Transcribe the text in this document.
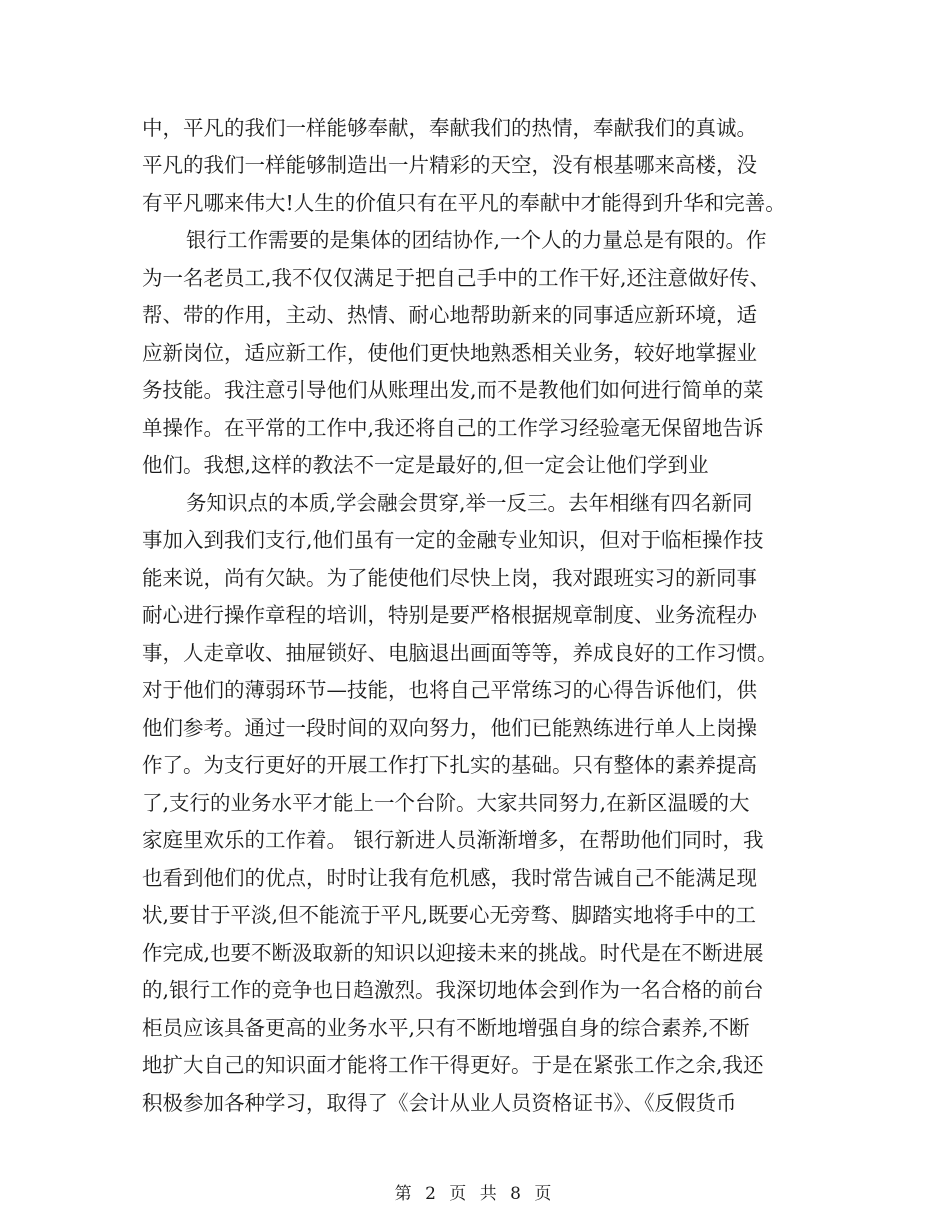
中，平凡的我们一样能够奉献，奉献我们的热情，奉献我们的真诚。
平凡的我们一样能够制造出一片精彩的天空，没有根基哪来高楼，没
有平凡哪来伟大!人生的价值只有在平凡的奉献中才能得到升华和完善。
银行工作需要的是集体的团结协作,一个人的力量总是有限的。作
为一名老员工,我不仅仅满足于把自己手中的工作干好,还注意做好传、
帮、带的作用，主动、热情、耐心地帮助新来的同事适应新环境，适
应新岗位，适应新工作，使他们更快地熟悉相关业务，较好地掌握业
务技能。我注意引导他们从账理出发,而不是教他们如何进行简单的菜
单操作。在平常的工作中,我还将自己的工作学习经验毫无保留地告诉
他们。我想,这样的教法不一定是最好的,但一定会让他们学到业
务知识点的本质,学会融会贯穿,举一反三。去年相继有四名新同
事加入到我们支行,他们虽有一定的金融专业知识，但对于临柜操作技
能来说，尚有欠缺。为了能使他们尽快上岗，我对跟班实习的新同事
耐心进行操作章程的培训，特别是要严格根据规章制度、业务流程办
事，人走章收、抽屉锁好、电脑退出画面等等，养成良好的工作习惯。
对于他们的薄弱环节—技能，也将自己平常练习的心得告诉他们，供
他们参考。通过一段时间的双向努力，他们已能熟练进行单人上岗操
作了。为支行更好的开展工作打下扎实的基础。只有整体的素养提高
了,支行的业务水平才能上一个台阶。大家共同努力,在新区温暖的大
家庭里欢乐的工作着。 银行新进人员渐渐增多，在帮助他们同时，我
也看到他们的优点，时时让我有危机感，我时常告诫自己不能满足现
状,要甘于平淡,但不能流于平凡,既要心无旁骛、脚踏实地将手中的工
作完成,也要不断汲取新的知识以迎接未来的挑战。时代是在不断进展
的,银行工作的竞争也日趋激烈。我深切地体会到作为一名合格的前台
柜员应该具备更高的业务水平,只有不断地增强自身的综合素养,不断
地扩大自己的知识面才能将工作干得更好。于是在紧张工作之余,我还
积极参加各种学习，取得了《会计从业人员资格证书》、《反假货币
第 2 页 共 8 页
